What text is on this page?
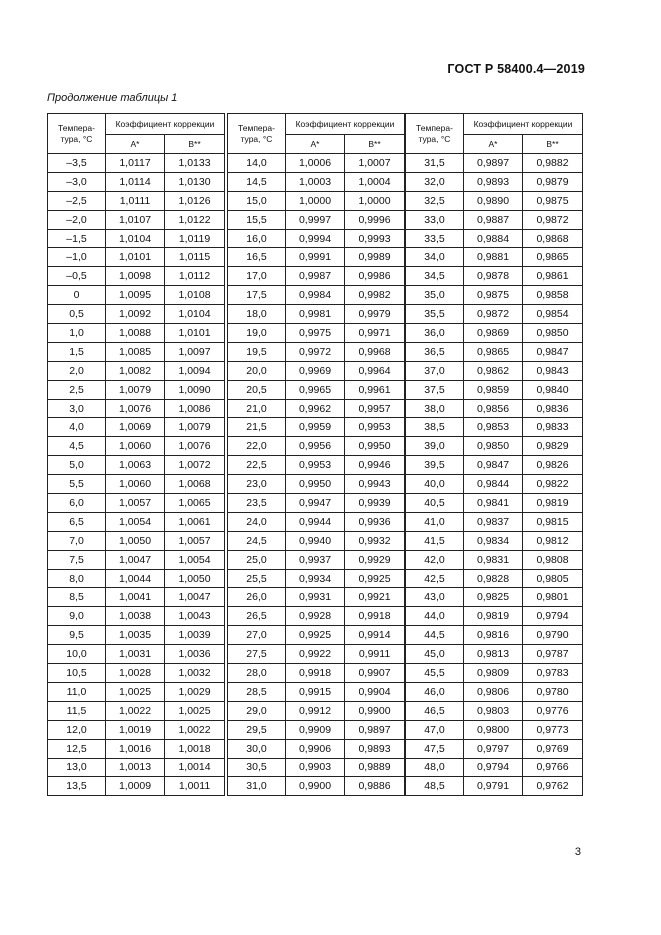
ГОСТ Р 58400.4—2019
Продолжение таблицы 1
Темпера-
тура, °С	Коэффициент коррекции	
	A*	B**
–3,5	1,0117	1,0133
–3,0	1,0114	1,0130
–2,5	1,0111	1,0126
–2,0	1,0107	1,0122
–1,5	1,0104	1,0119
–1,0	1,0101	1,0115
–0,5	1,0098	1,0112
0	1,0095	1,0108
0,5	1,0092	1,0104
1,0	1,0088	1,0101
1,5	1,0085	1,0097
2,0	1,0082	1,0094
2,5	1,0079	1,0090
3,0	1,0076	1,0086
4,0	1,0069	1,0079
4,5	1,0060	1,0076
5,0	1,0063	1,0072
5,5	1,0060	1,0068
6,0	1,0057	1,0065
6,5	1,0054	1,0061
7,0	1,0050	1,0057
7,5	1,0047	1,0054
8,0	1,0044	1,0050
8,5	1,0041	1,0047
9,0	1,0038	1,0043
9,5	1,0035	1,0039
10,0	1,0031	1,0036
10,5	1,0028	1,0032
11,0	1,0025	1,0029
11,5	1,0022	1,0025
12,0	1,0019	1,0022
12,5	1,0016	1,0018
13,0	1,0013	1,0014
13,5	1,0009	1,0011
Темпера-
тура, °С	Коэффициент коррекции	
	A*	B**
14,0	1,0006	1,0007
14,5	1,0003	1,0004
15,0	1,0000	1,0000
15,5	0,9997	0,9996
16,0	0,9994	0,9993
16,5	0,9991	0,9989
17,0	0,9987	0,9986
17,5	0,9984	0,9982
18,0	0,9981	0,9979
19,0	0,9975	0,9971
19,5	0,9972	0,9968
20,0	0,9969	0,9964
20,5	0,9965	0,9961
21,0	0,9962	0,9957
21,5	0,9959	0,9953
22,0	0,9956	0,9950
22,5	0,9953	0,9946
23,0	0,9950	0,9943
23,5	0,9947	0,9939
24,0	0,9944	0,9936
24,5	0,9940	0,9932
25,0	0,9937	0,9929
25,5	0,9934	0,9925
26,0	0,9931	0,9921
26,5	0,9928	0,9918
27,0	0,9925	0,9914
27,5	0,9922	0,9911
28,0	0,9918	0,9907
28,5	0,9915	0,9904
29,0	0,9912	0,9900
29,5	0,9909	0,9897
30,0	0,9906	0,9893
30,5	0,9903	0,9889
31,0	0,9900	0,9886
Темпера-
тура, °С	Коэффициент коррекции	
	A*	B**
31,5	0,9897	0,9882
32,0	0,9893	0,9879
32,5	0,9890	0,9875
33,0	0,9887	0,9872
33,5	0,9884	0,9868
34,0	0,9881	0,9865
34,5	0,9878	0,9861
35,0	0,9875	0,9858
35,5	0,9872	0,9854
36,0	0,9869	0,9850
36,5	0,9865	0,9847
37,0	0,9862	0,9843
37,5	0,9859	0,9840
38,0	0,9856	0,9836
38,5	0,9853	0,9833
39,0	0,9850	0,9829
39,5	0,9847	0,9826
40,0	0,9844	0,9822
40,5	0,9841	0,9819
41,0	0,9837	0,9815
41,5	0,9834	0,9812
42,0	0,9831	0,9808
42,5	0,9828	0,9805
43,0	0,9825	0,9801
44,0	0,9819	0,9794
44,5	0,9816	0,9790
45,0	0,9813	0,9787
45,5	0,9809	0,9783
46,0	0,9806	0,9780
46,5	0,9803	0,9776
47,0	0,9800	0,9773
47,5	0,9797	0,9769
48,0	0,9794	0,9766
48,5	0,9791	0,9762
3
